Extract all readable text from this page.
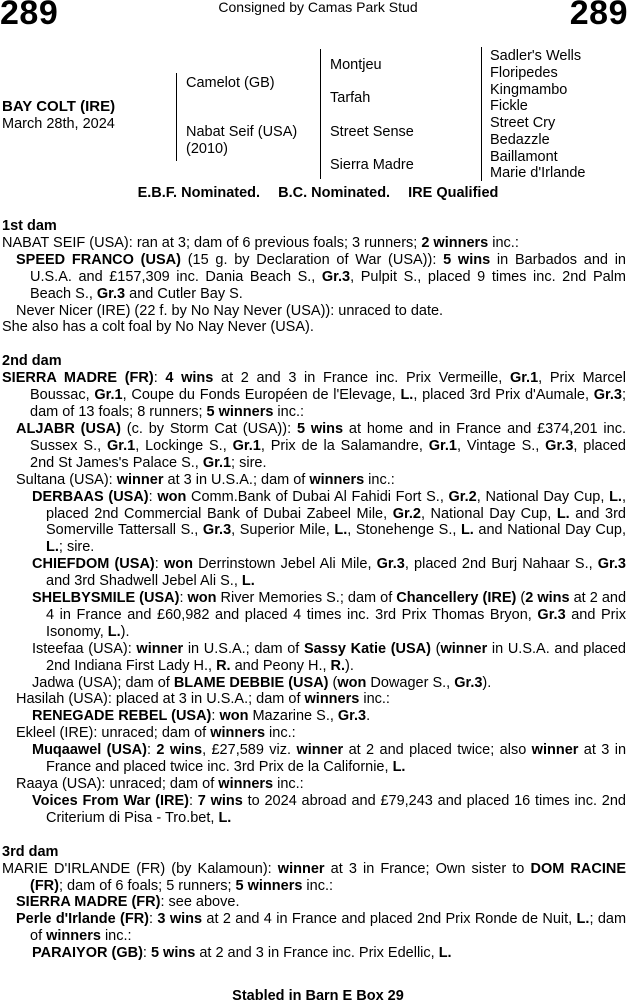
289	Consigned by Camas Park Stud	289
BAY COLT (IRE)
March 28th, 2024
Camelot (GB)
Nabat Seif (USA)
(2010)
Montjeu
Tarfah
Street Sense
Sierra Madre
Sadler's Wells
Floripedes
Kingmambo
Fickle
Street Cry
Bedazzle
Baillamont
Marie d'Irlande
E.B.F. Nominated. B.C. Nominated. IRE Qualified
1st dam
NABAT SEIF (USA): ran at 3; dam of 6 previous foals; 3 runners; 2 winners inc.:
SPEED FRANCO (USA) (15 g. by Declaration of War (USA)): 5 wins in Barbados and in U.S.A. and £157,309 inc. Dania Beach S., Gr.3, Pulpit S., placed 9 times inc. 2nd Palm Beach S., Gr.3 and Cutler Bay S.
Never Nicer (IRE) (22 f. by No Nay Never (USA)): unraced to date.
She also has a colt foal by No Nay Never (USA).
2nd dam
SIERRA MADRE (FR): 4 wins at 2 and 3 in France inc. Prix Vermeille, Gr.1, Prix Marcel Boussac, Gr.1, Coupe du Fonds Européen de l'Elevage, L., placed 3rd Prix d'Aumale, Gr.3; dam of 13 foals; 8 runners; 5 winners inc.:
ALJABR (USA) (c. by Storm Cat (USA)): 5 wins at home and in France and £374,201 inc. Sussex S., Gr.1, Lockinge S., Gr.1, Prix de la Salamandre, Gr.1, Vintage S., Gr.3, placed 2nd St James's Palace S., Gr.1; sire.
Sultana (USA): winner at 3 in U.S.A.; dam of winners inc.:
DERBAAS (USA): won Comm.Bank of Dubai Al Fahidi Fort S., Gr.2, National Day Cup, L., placed 2nd Commercial Bank of Dubai Zabeel Mile, Gr.2, National Day Cup, L. and 3rd Somerville Tattersall S., Gr.3, Superior Mile, L., Stonehenge S., L. and National Day Cup, L.; sire.
CHIEFDOM (USA): won Derrinstown Jebel Ali Mile, Gr.3, placed 2nd Burj Nahaar S., Gr.3 and 3rd Shadwell Jebel Ali S., L.
SHELBYSMILE (USA): won River Memories S.; dam of Chancellery (IRE) (2 wins at 2 and 4 in France and £60,982 and placed 4 times inc. 3rd Prix Thomas Bryon, Gr.3 and Prix Isonomy, L.).
Isteefaa (USA): winner in U.S.A.; dam of Sassy Katie (USA) (winner in U.S.A. and placed 2nd Indiana First Lady H., R. and Peony H., R.).
Jadwa (USA); dam of BLAME DEBBIE (USA) (won Dowager S., Gr.3).
Hasilah (USA): placed at 3 in U.S.A.; dam of winners inc.:
RENEGADE REBEL (USA): won Mazarine S., Gr.3.
Ekleel (IRE): unraced; dam of winners inc.:
Muqaawel (USA): 2 wins, £27,589 viz. winner at 2 and placed twice; also winner at 3 in France and placed twice inc. 3rd Prix de la Californie, L.
Raaya (USA): unraced; dam of winners inc.:
Voices From War (IRE): 7 wins to 2024 abroad and £79,243 and placed 16 times inc. 2nd Criterium di Pisa - Tro.bet, L.
3rd dam
MARIE D'IRLANDE (FR) (by Kalamoun): winner at 3 in France; Own sister to DOM RACINE (FR); dam of 6 foals; 5 runners; 5 winners inc.:
SIERRA MADRE (FR): see above.
Perle d'Irlande (FR): 3 wins at 2 and 4 in France and placed 2nd Prix Ronde de Nuit, L.; dam of winners inc.:
PARAIYOR (GB): 5 wins at 2 and 3 in France inc. Prix Edellic, L.
Stabled in Barn E Box 29
